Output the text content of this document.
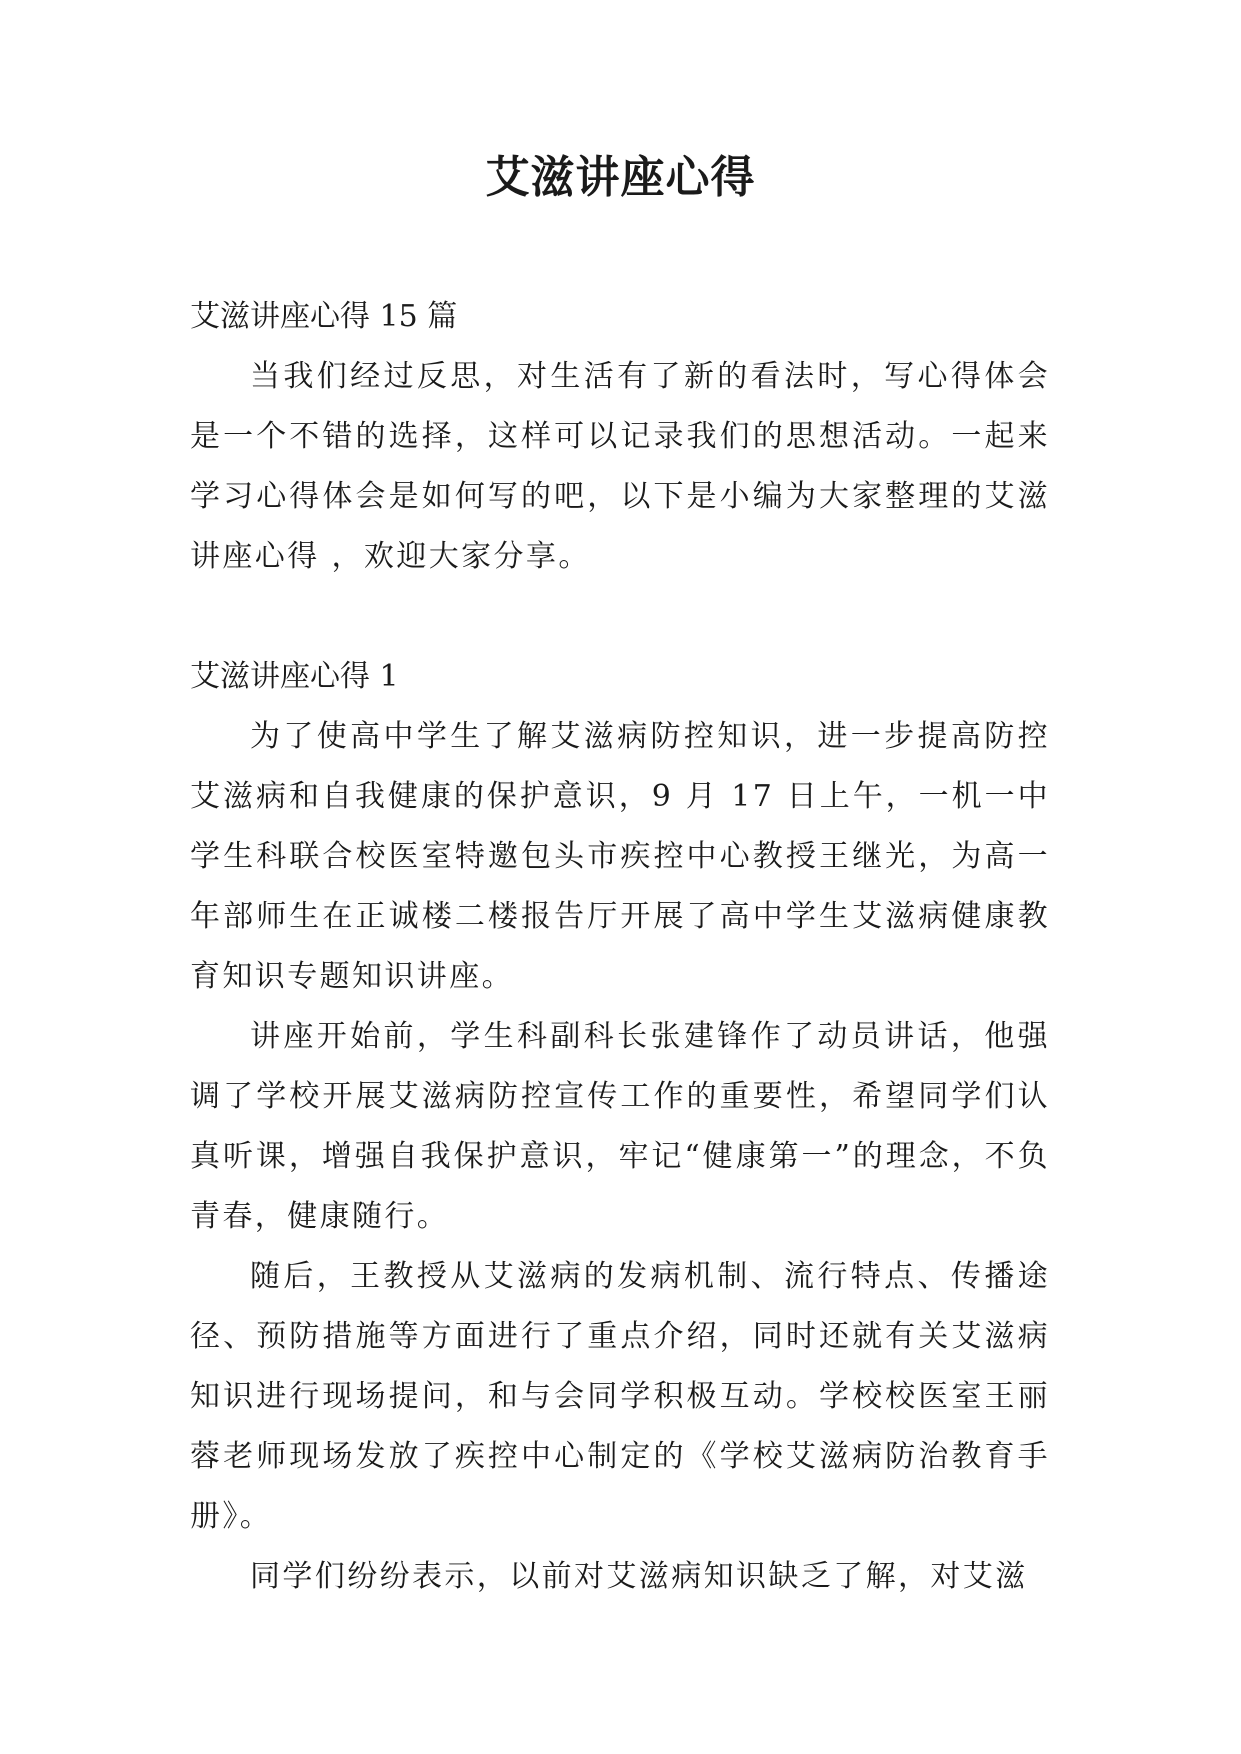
艾滋讲座心得

艾滋讲座心得 15 篇

当我们经过反思，对生活有了新的看法时，写心得体会是一个不错的选择，这样可以记录我们的思想活动。一起来学习心得体会是如何写的吧，以下是小编为大家整理的艾滋讲座心得 ，欢迎大家分享。

艾滋讲座心得 1

为了使高中学生了解艾滋病防控知识，进一步提高防控艾滋病和自我健康的保护意识，9 月 17 日上午，一机一中学生科联合校医室特邀包头市疾控中心教授王继光，为高一年部师生在正诚楼二楼报告厅开展了高中学生艾滋病健康教育知识专题知识讲座。

讲座开始前，学生科副科长张建锋作了动员讲话，他强调了学校开展艾滋病防控宣传工作的重要性，希望同学们认真听课，增强自我保护意识，牢记“健康第一”的理念，不负青春，健康随行。

随后，王教授从艾滋病的发病机制、流行特点、传播途径、预防措施等方面进行了重点介绍，同时还就有关艾滋病知识进行现场提问，和与会同学积极互动。学校校医室王丽蓉老师现场发放了疾控中心制定的《学校艾滋病防治教育手册》。

同学们纷纷表示，以前对艾滋病知识缺乏了解，对艾滋
